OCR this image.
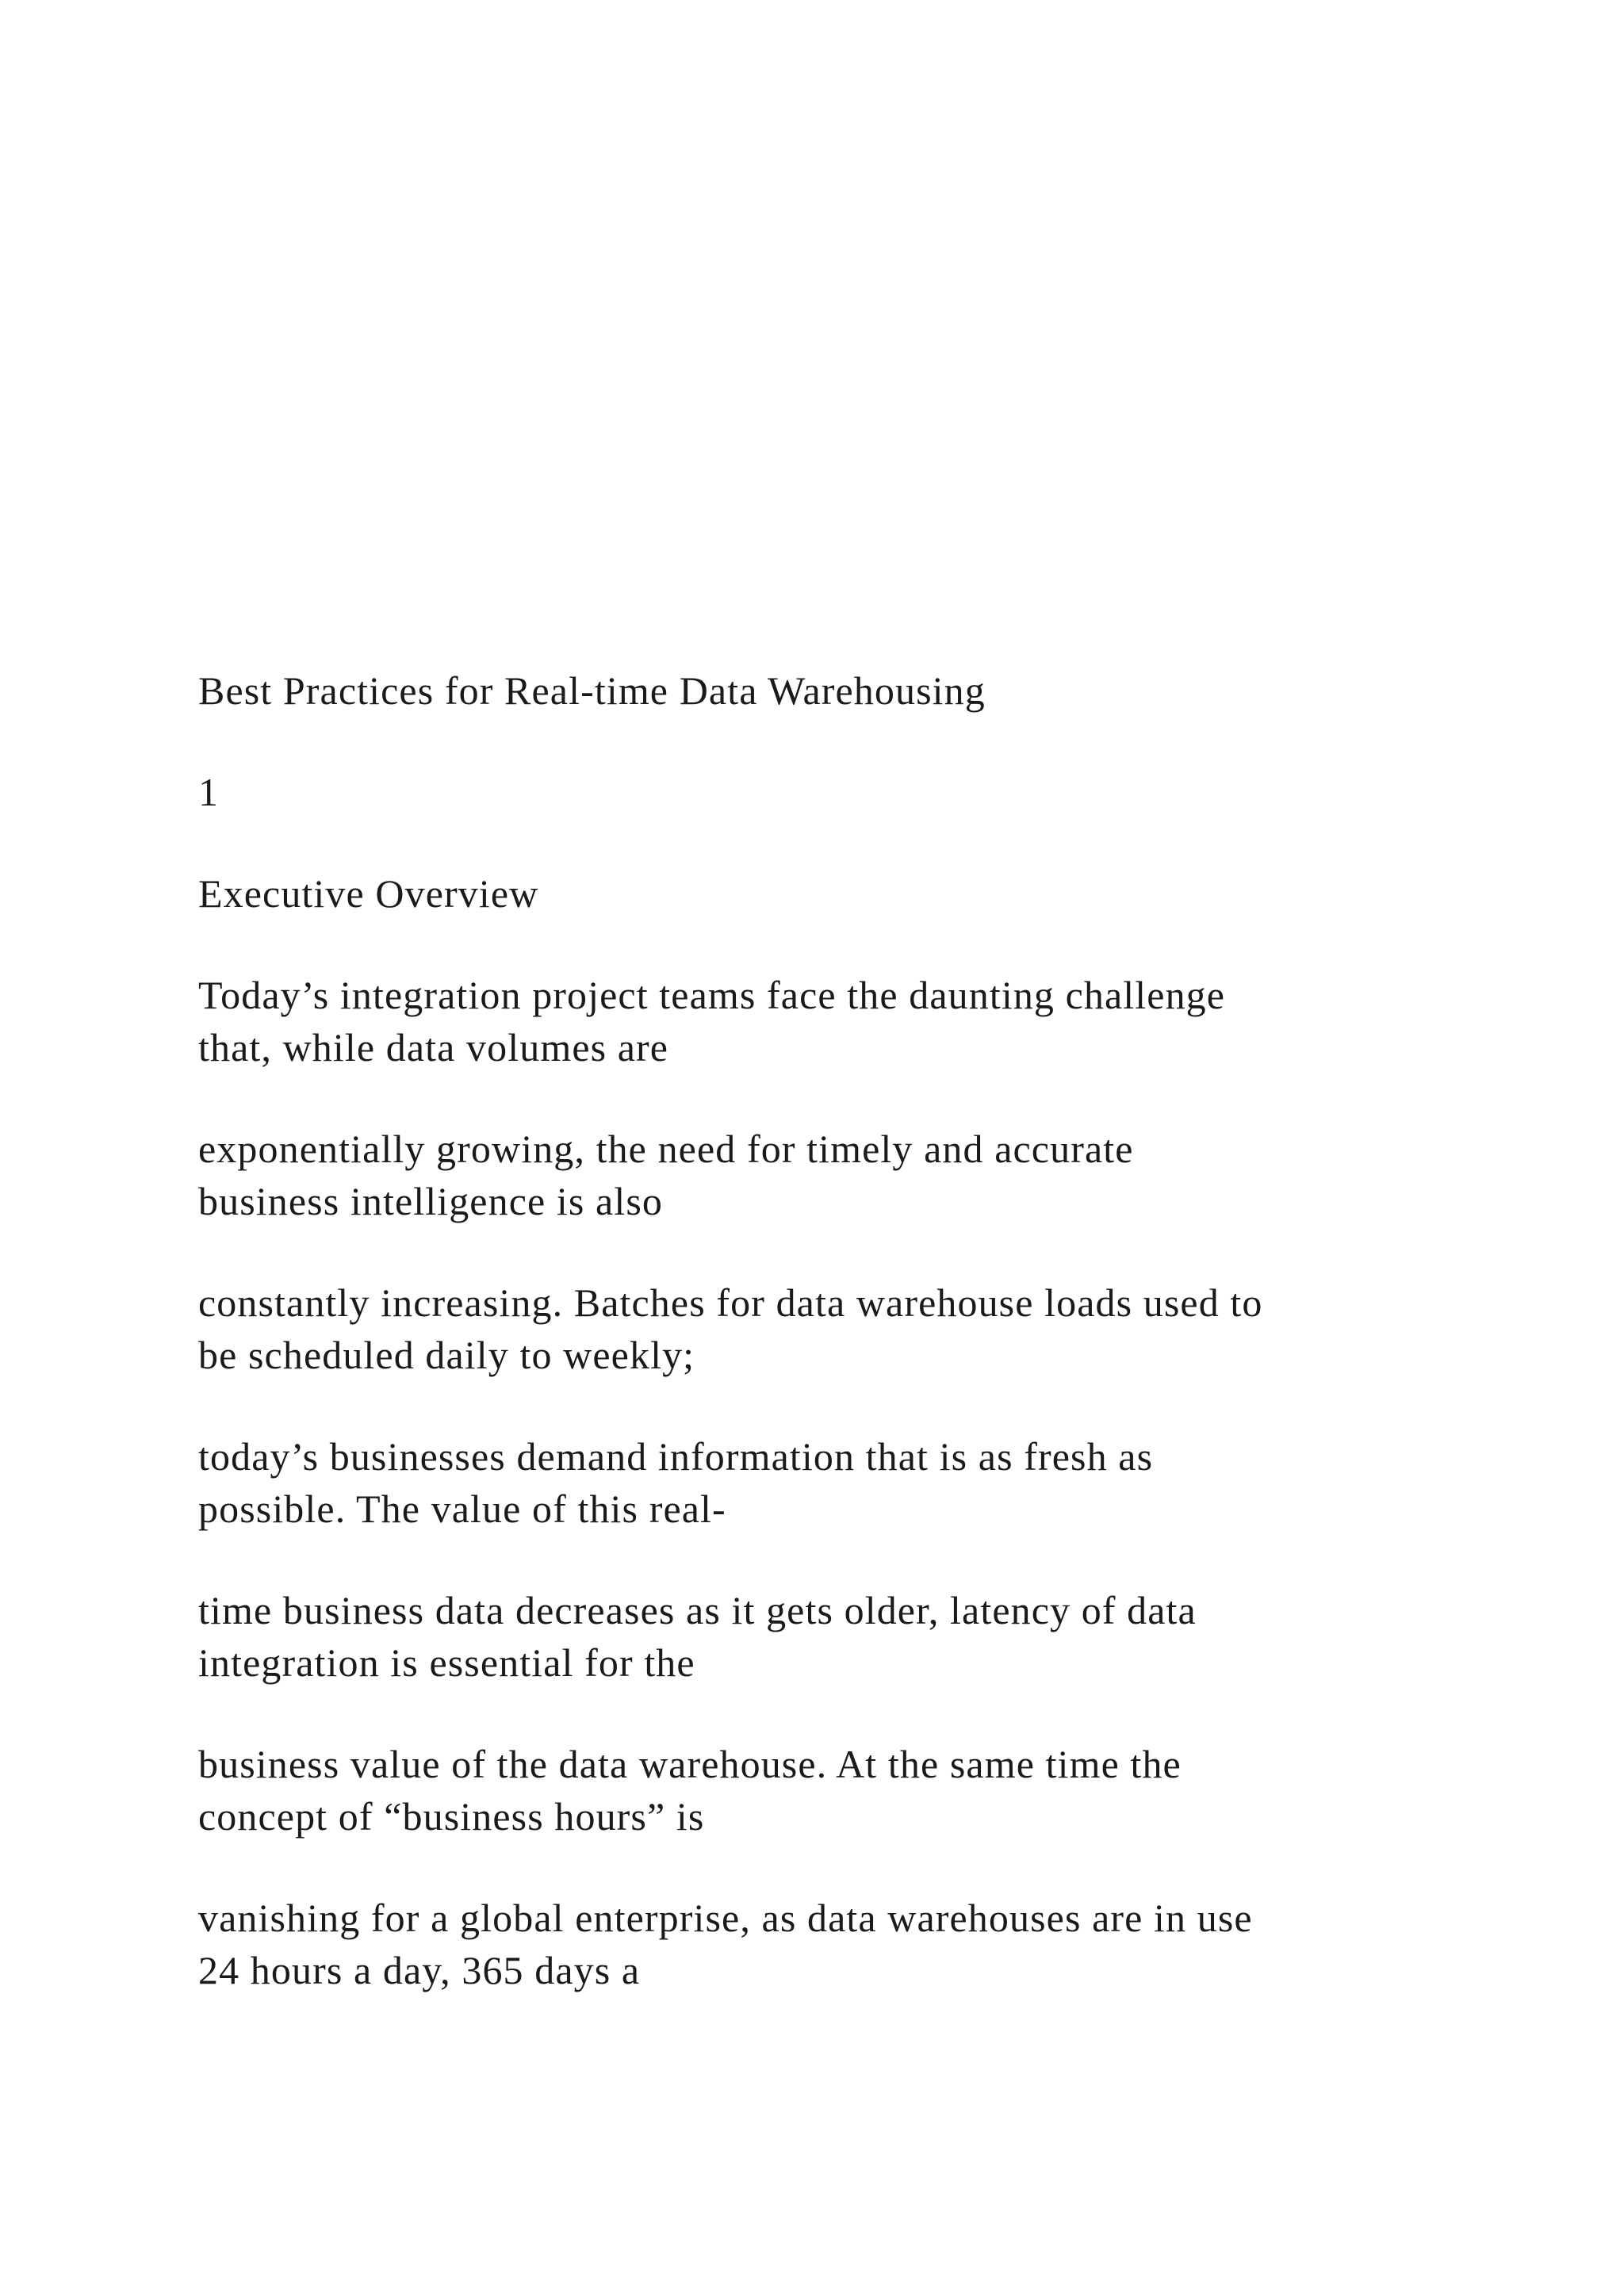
Best Practices for Real-time Data Warehousing

1

Executive Overview

Today’s integration project teams face the daunting challenge
that, while data volumes are

exponentially growing, the need for timely and accurate
business intelligence is also

constantly increasing. Batches for data warehouse loads used to
be scheduled daily to weekly;

today’s businesses demand information that is as fresh as
possible. The value of this real-

time business data decreases as it gets older, latency of data
integration is essential for the

business value of the data warehouse. At the same time the
concept of “business hours” is

vanishing for a global enterprise, as data warehouses are in use
24 hours a day, 365 days a
